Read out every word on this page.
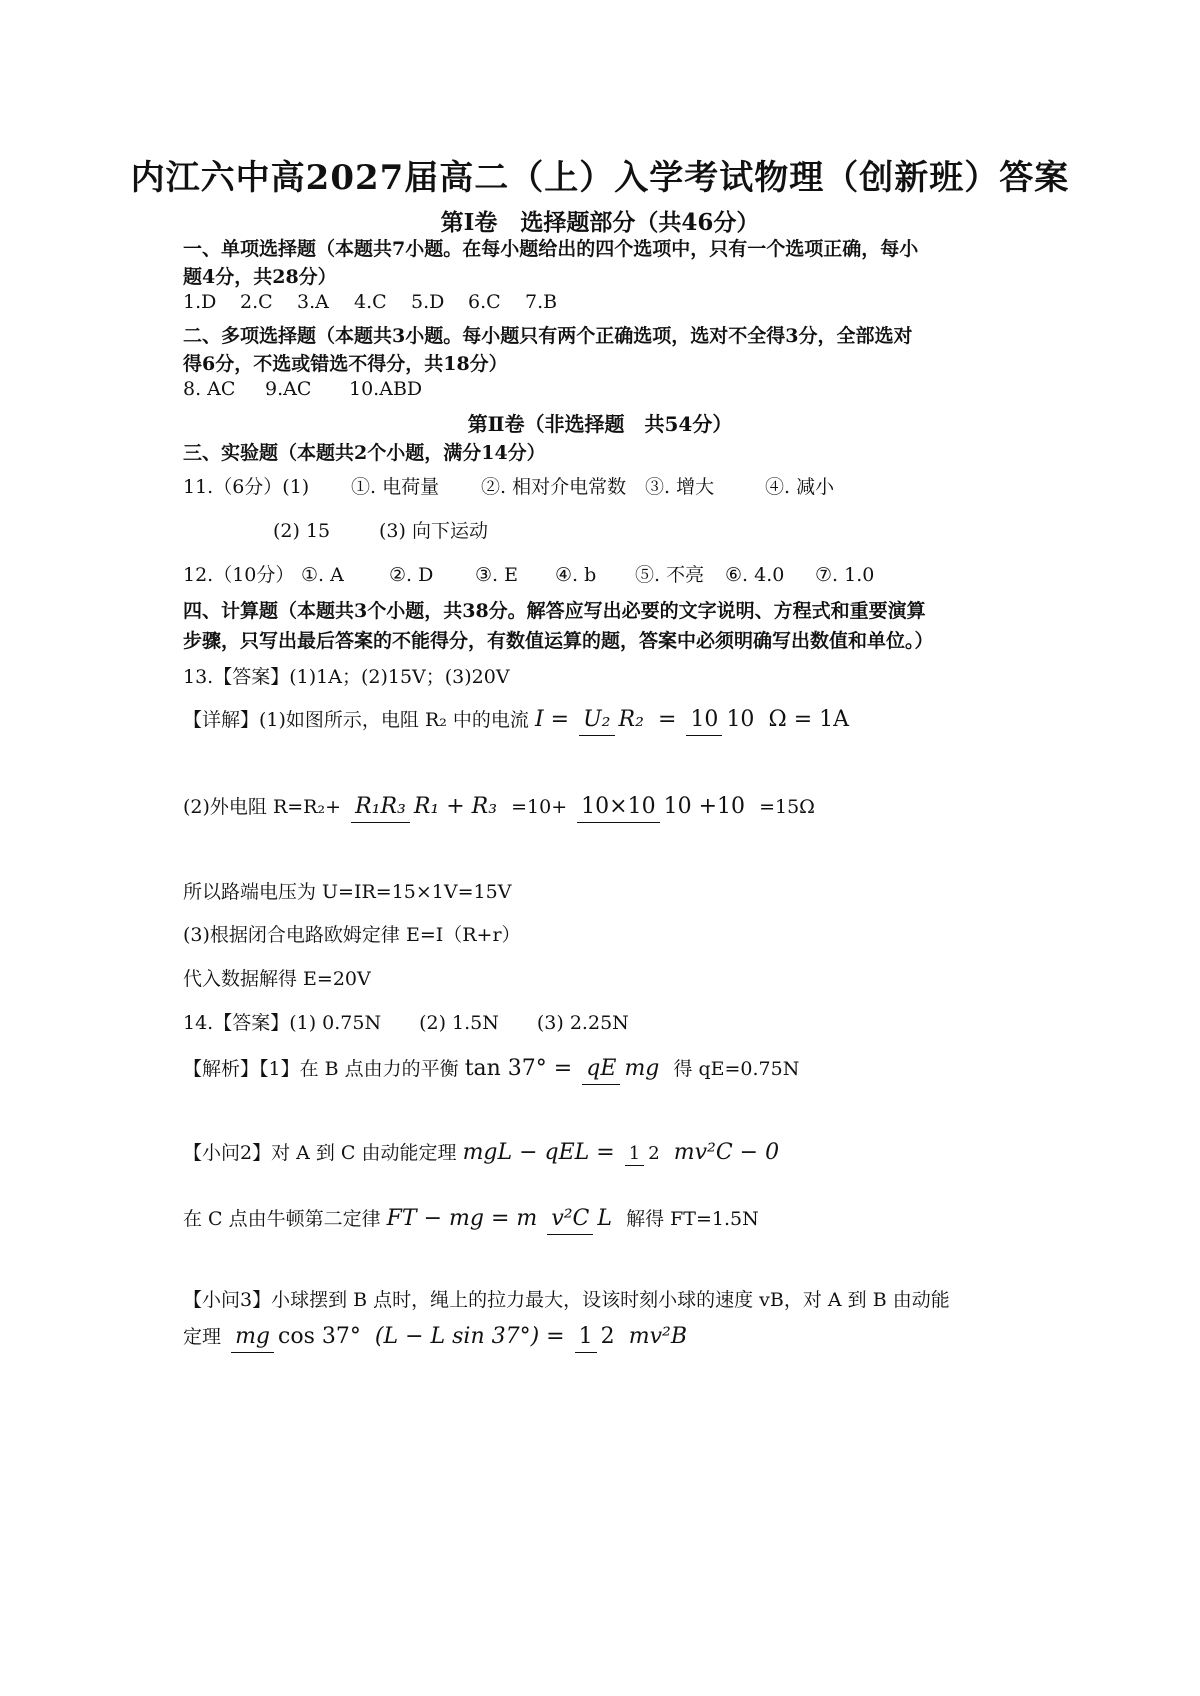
内江六中高2027届高二（上）入学考试物理（创新班）答案
第Ⅰ卷　选择题部分（共46分）
一、单项选择题（本题共7小题。在每小题给出的四个选项中，只有一个选项正确，每小
题4分，共28分）
1.D 2.C 3.A 4.C 5.D 6.C 7.B
二、多项选择题（本题共3小题。每小题只有两个正确选项，选对不全得3分，全部选对
得6分，不选或错选不得分，共18分）
8. AC 9.AC 10.ABD
第Ⅱ卷（非选择题　共54分）
三、实验题（本题共2个小题，满分14分）
11.（6分）(1) ①. 电荷量 ②. 相对介电常数 ③. 增大	④. 减小
(2) 15	(3) 向下运动
12.（10分） ①. A ②. D ③. E ④. b ⑤. 不亮 ⑥. 4.0 ⑦. 1.0
四、计算题（本题共3个小题，共38分。解答应写出必要的文字说明、方程式和重要演算
步骤，只写出最后答案的不能得分，有数值运算的题，答案中必须明确写出数值和单位。）
13.【答案】(1)1A；(2)15V；(3)20V
【详解】(1)如图所示，电阻 R₂ 中的电流 I = U₂ R₂ = 10 10 Ω = 1A
(2)外电阻 R=R₂+ R₁R₃ R₁ + R₃ =10+ 10×10 10 +10 =15Ω
所以路端电压为 U=IR=15×1V=15V
(3)根据闭合电路欧姆定律 E=I（R+r）
代入数据解得 E=20V
14.【答案】(1) 0.75N　　(2) 1.5N　　(3) 2.25N
【解析】【1】在 B 点由力的平衡 tan 37° = qE mg 得 qE=0.75N
【小问2】对 A 到 C 由动能定理 mgL − qEL = 1 2 mv²C − 0
在 C 点由牛顿第二定律 FT − mg = m v²C L 解得 FT=1.5N
【小问3】小球摆到 B 点时，绳上的拉力最大，设该时刻小球的速度 vB，对 A 到 B 由动能
定理 mg cos 37° (L − L sin 37°) = 1 2 mv²B
